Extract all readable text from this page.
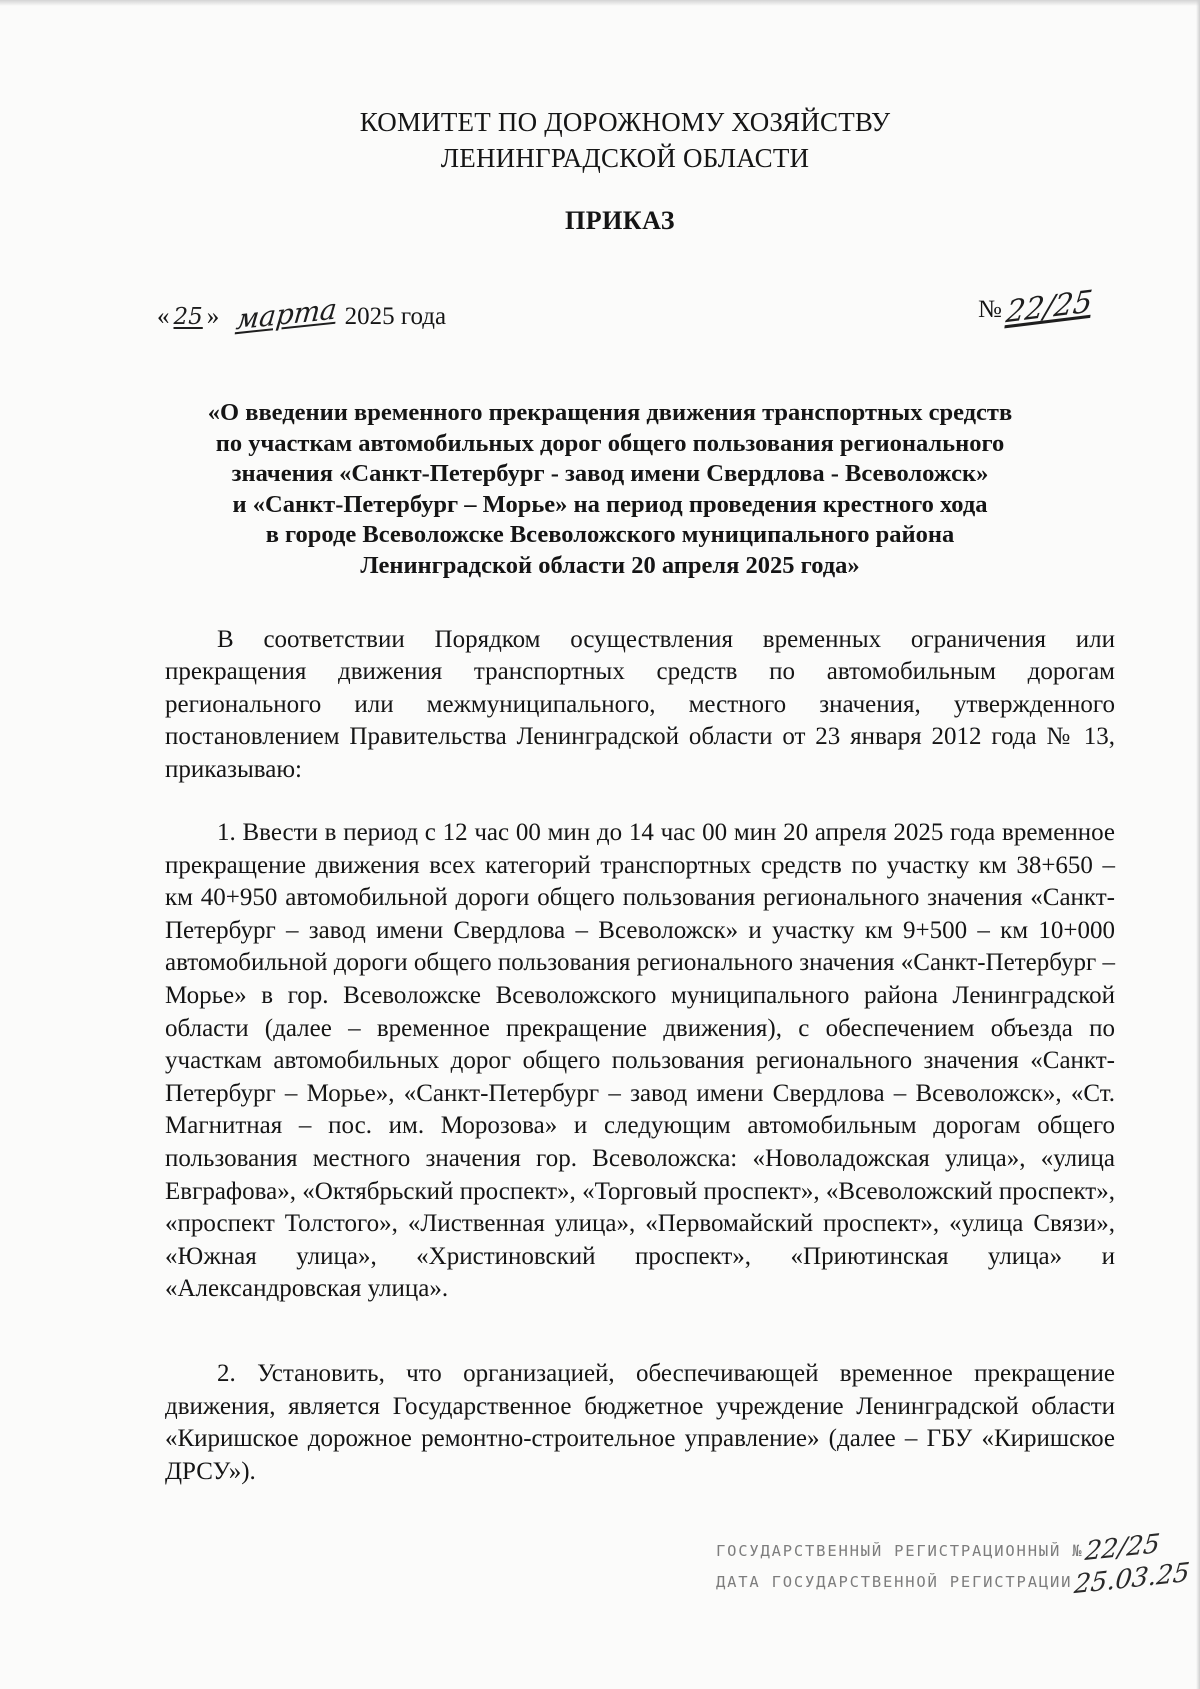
КОМИТЕТ ПО ДОРОЖНОМУ ХОЗЯЙСТВУ
ЛЕНИНГРАДСКОЙ ОБЛАСТИ
ПРИКАЗ
« 25 » марта 2025 года	№22/25
«О введении временного прекращения движения транспортных средств
по участкам автомобильных дорог общего пользования регионального
значения «Санкт-Петербург - завод имени Свердлова - Всеволожск»
и «Санкт-Петербург – Морье» на период проведения крестного хода
в городе Всеволожске Всеволожского муниципального района
Ленинградской области 20 апреля 2025 года»

В соответствии Порядком осуществления временных ограничения или прекращения движения транспортных средств по автомобильным дорогам регионального или межмуниципального, местного значения, утвержденного постановлением Правительства Ленинградской области от 23 января 2012 года № 13, приказываю:

1. Ввести в период с 12 час 00 мин до 14 час 00 мин 20 апреля 2025 года временное прекращение движения всех категорий транспортных средств по участку км 38+650 – км 40+950 автомобильной дороги общего пользования регионального значения «Санкт-Петербург – завод имени Свердлова – Всеволожск» и участку км 9+500 – км 10+000 автомобильной дороги общего пользования регионального значения «Санкт-Петербург – Морье» в гор. Всеволожске Всеволожского муниципального района Ленинградской области (далее – временное прекращение движения), с обеспечением объезда по участкам автомобильных дорог общего пользования регионального значения «Санкт-Петербург – Морье», «Санкт-Петербург – завод имени Свердлова – Всеволожск», «Ст. Магнитная – пос. им. Морозова» и следующим автомобильным дорогам общего пользования местного значения гор. Всеволожска: «Новоладожская улица», «улица Евграфова», «Октябрьский проспект», «Торговый проспект», «Всеволожский проспект», «проспект Толстого», «Лиственная улица», «Первомайский проспект», «улица Связи», «Южная улица», «Христиновский проспект», «Приютинская улица» и «Александровская улица».

2. Установить, что организацией, обеспечивающей временное прекращение движения, является Государственное бюджетное учреждение Ленинградской области «Киришское дорожное ремонтно-строительное управление» (далее – ГБУ «Киришское ДРСУ»).

ГОСУДАРСТВЕННЫЙ РЕГИСТРАЦИОННЫЙ №22/25
ДАТА ГОСУДАРСТВЕННОЙ РЕГИСТРАЦИИ25.03.25
